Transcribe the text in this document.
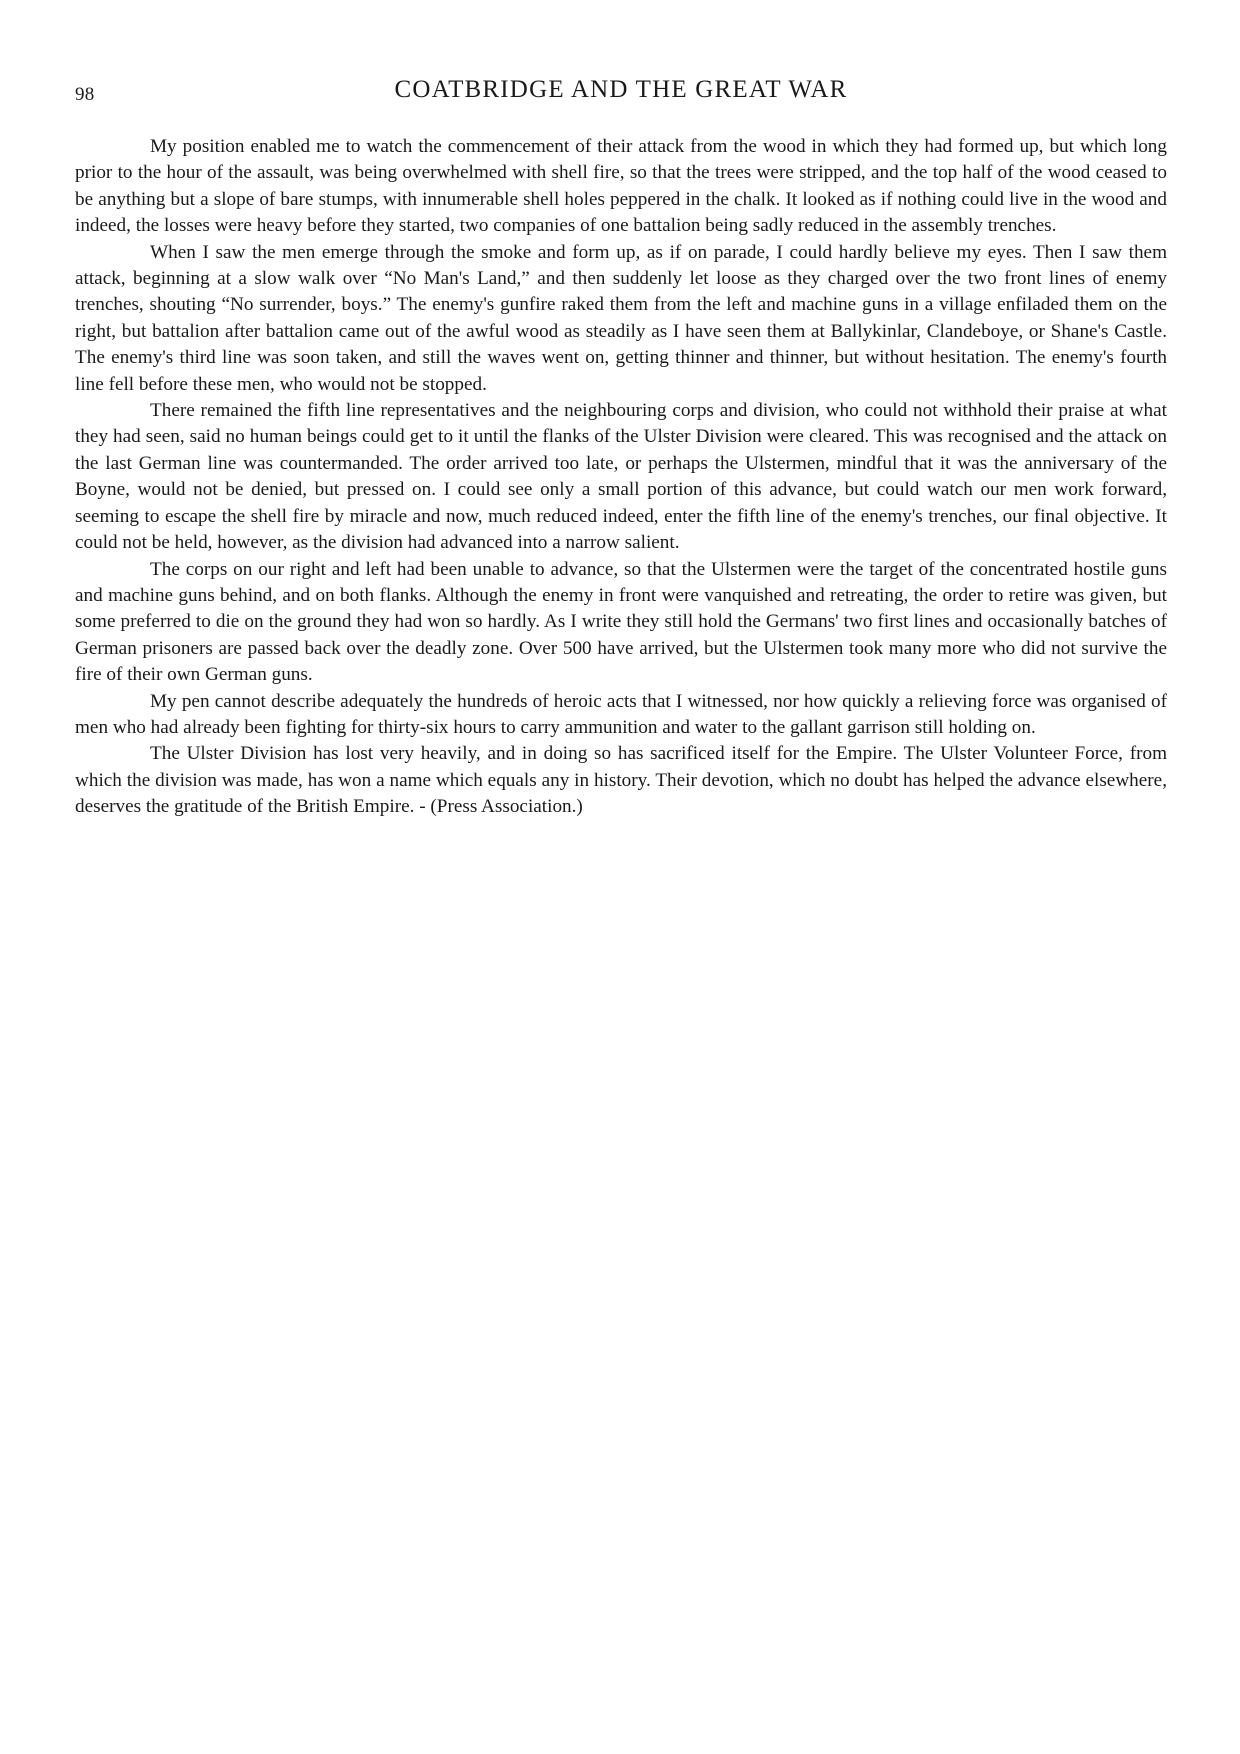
98	COATBRIDGE AND THE GREAT WAR

My position enabled me to watch the commencement of their attack from the wood in which they had formed up, but which long prior to the hour of the assault, was being overwhelmed with shell fire, so that the trees were stripped, and the top half of the wood ceased to be anything but a slope of bare stumps, with innumerable shell holes peppered in the chalk. It looked as if nothing could live in the wood and indeed, the losses were heavy before they started, two companies of one battalion being sadly reduced in the assembly trenches.

When I saw the men emerge through the smoke and form up, as if on parade, I could hardly believe my eyes. Then I saw them attack, beginning at a slow walk over “No Man's Land,” and then suddenly let loose as they charged over the two front lines of enemy trenches, shouting “No surrender, boys.” The enemy's gunfire raked them from the left and machine guns in a village enfiladed them on the right, but battalion after battalion came out of the awful wood as steadily as I have seen them at Ballykinlar, Clandeboye, or Shane's Castle. The enemy's third line was soon taken, and still the waves went on, getting thinner and thinner, but without hesitation. The enemy's fourth line fell before these men, who would not be stopped.

There remained the fifth line representatives and the neighbouring corps and division, who could not withhold their praise at what they had seen, said no human beings could get to it until the flanks of the Ulster Division were cleared. This was recognised and the attack on the last German line was countermanded. The order arrived too late, or perhaps the Ulstermen, mindful that it was the anniversary of the Boyne, would not be denied, but pressed on. I could see only a small portion of this advance, but could watch our men work forward, seeming to escape the shell fire by miracle and now, much reduced indeed, enter the fifth line of the enemy's trenches, our final objective. It could not be held, however, as the division had advanced into a narrow salient.

The corps on our right and left had been unable to advance, so that the Ulstermen were the target of the concentrated hostile guns and machine guns behind, and on both flanks. Although the enemy in front were vanquished and retreating, the order to retire was given, but some preferred to die on the ground they had won so hardly. As I write they still hold the Germans' two first lines and occasionally batches of German prisoners are passed back over the deadly zone. Over 500 have arrived, but the Ulstermen took many more who did not survive the fire of their own German guns.

My pen cannot describe adequately the hundreds of heroic acts that I witnessed, nor how quickly a relieving force was organised of men who had already been fighting for thirty-six hours to carry ammunition and water to the gallant garrison still holding on.

The Ulster Division has lost very heavily, and in doing so has sacrificed itself for the Empire. The Ulster Volunteer Force, from which the division was made, has won a name which equals any in history. Their devotion, which no doubt has helped the advance elsewhere, deserves the gratitude of the British Empire. - (Press Association.)
